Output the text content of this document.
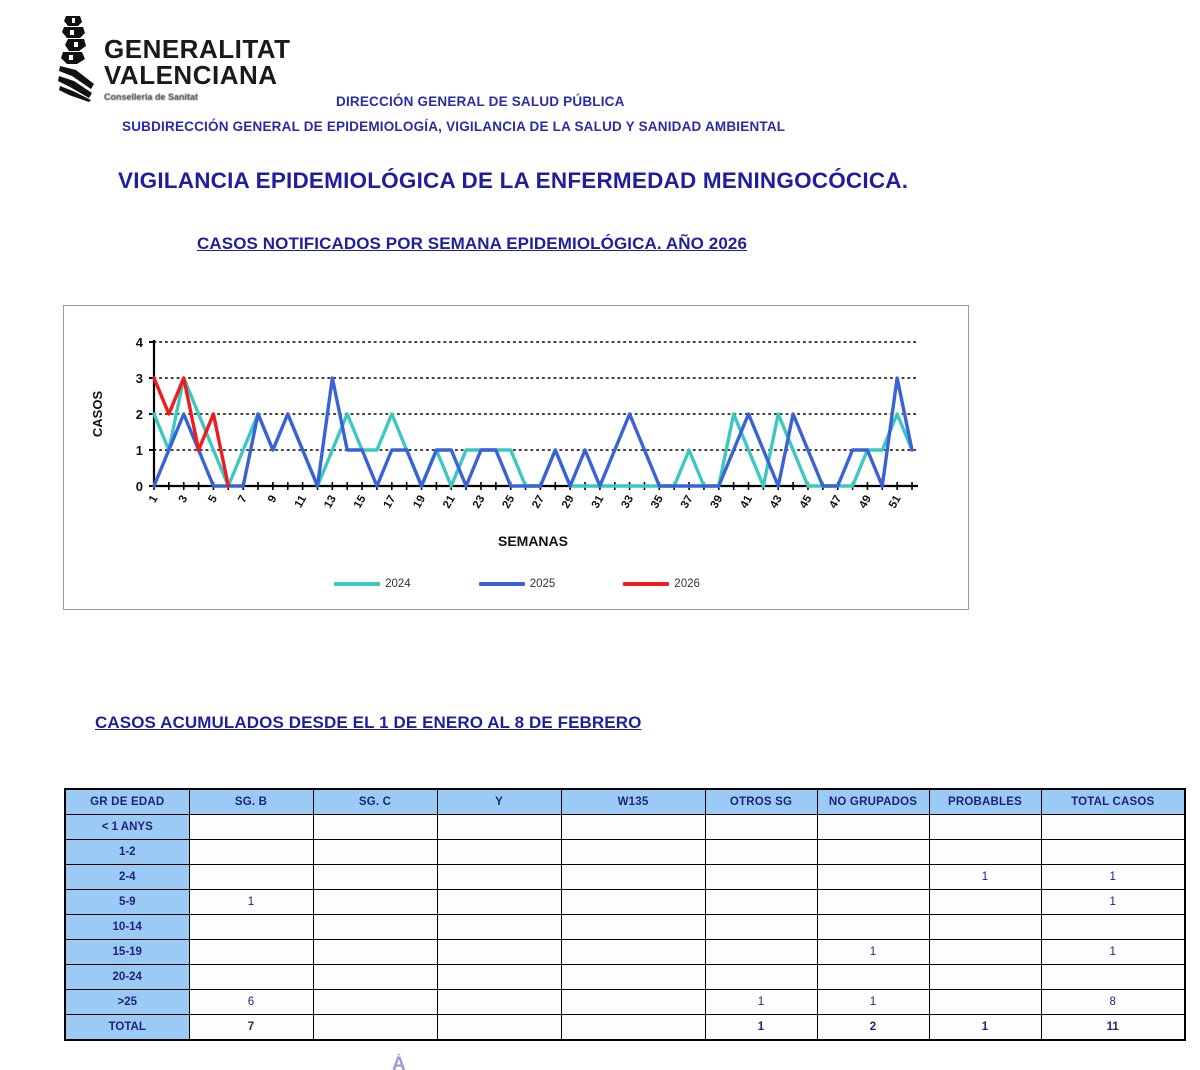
GENERALITAT
VALENCIANA
Conselleria de Sanitat	DIRECCIÓN GENERAL DE SALUD PÚBLICA
SUBDIRECCIÓN GENERAL DE EPIDEMIOLOGÍA, VIGILANCIA DE LA SALUD Y SANIDAD AMBIENTAL
VIGILANCIA EPIDEMIOLÓGICA DE LA ENFERMEDAD MENINGOCÓCICA.
CASOS NOTIFICADOS POR SEMANA EPIDEMIOLÓGICA. AÑO 2026
0
1
2
3
4
1 3 5 7 9 11 13 15 17 19 21 23 25 27 29 31 33 35 37 39 41 43 45 47 49 51
CASOS
SEMANAS
2024	2025	2026
CASOS ACUMULADOS DESDE EL 1 DE ENERO AL 8 DE FEBRERO
GR DE EDAD	SG. B	SG. C	Y	W135	OTROS SG	NO GRUPADOS	PROBABLES	TOTAL CASOS
< 1 ANYS								
1-2								
2-4							1	1
5-9	1							1
10-14								
15-19						1		1
20-24								
>25	6				1	1		8
TOTAL	7				1	2	1	11
Á
